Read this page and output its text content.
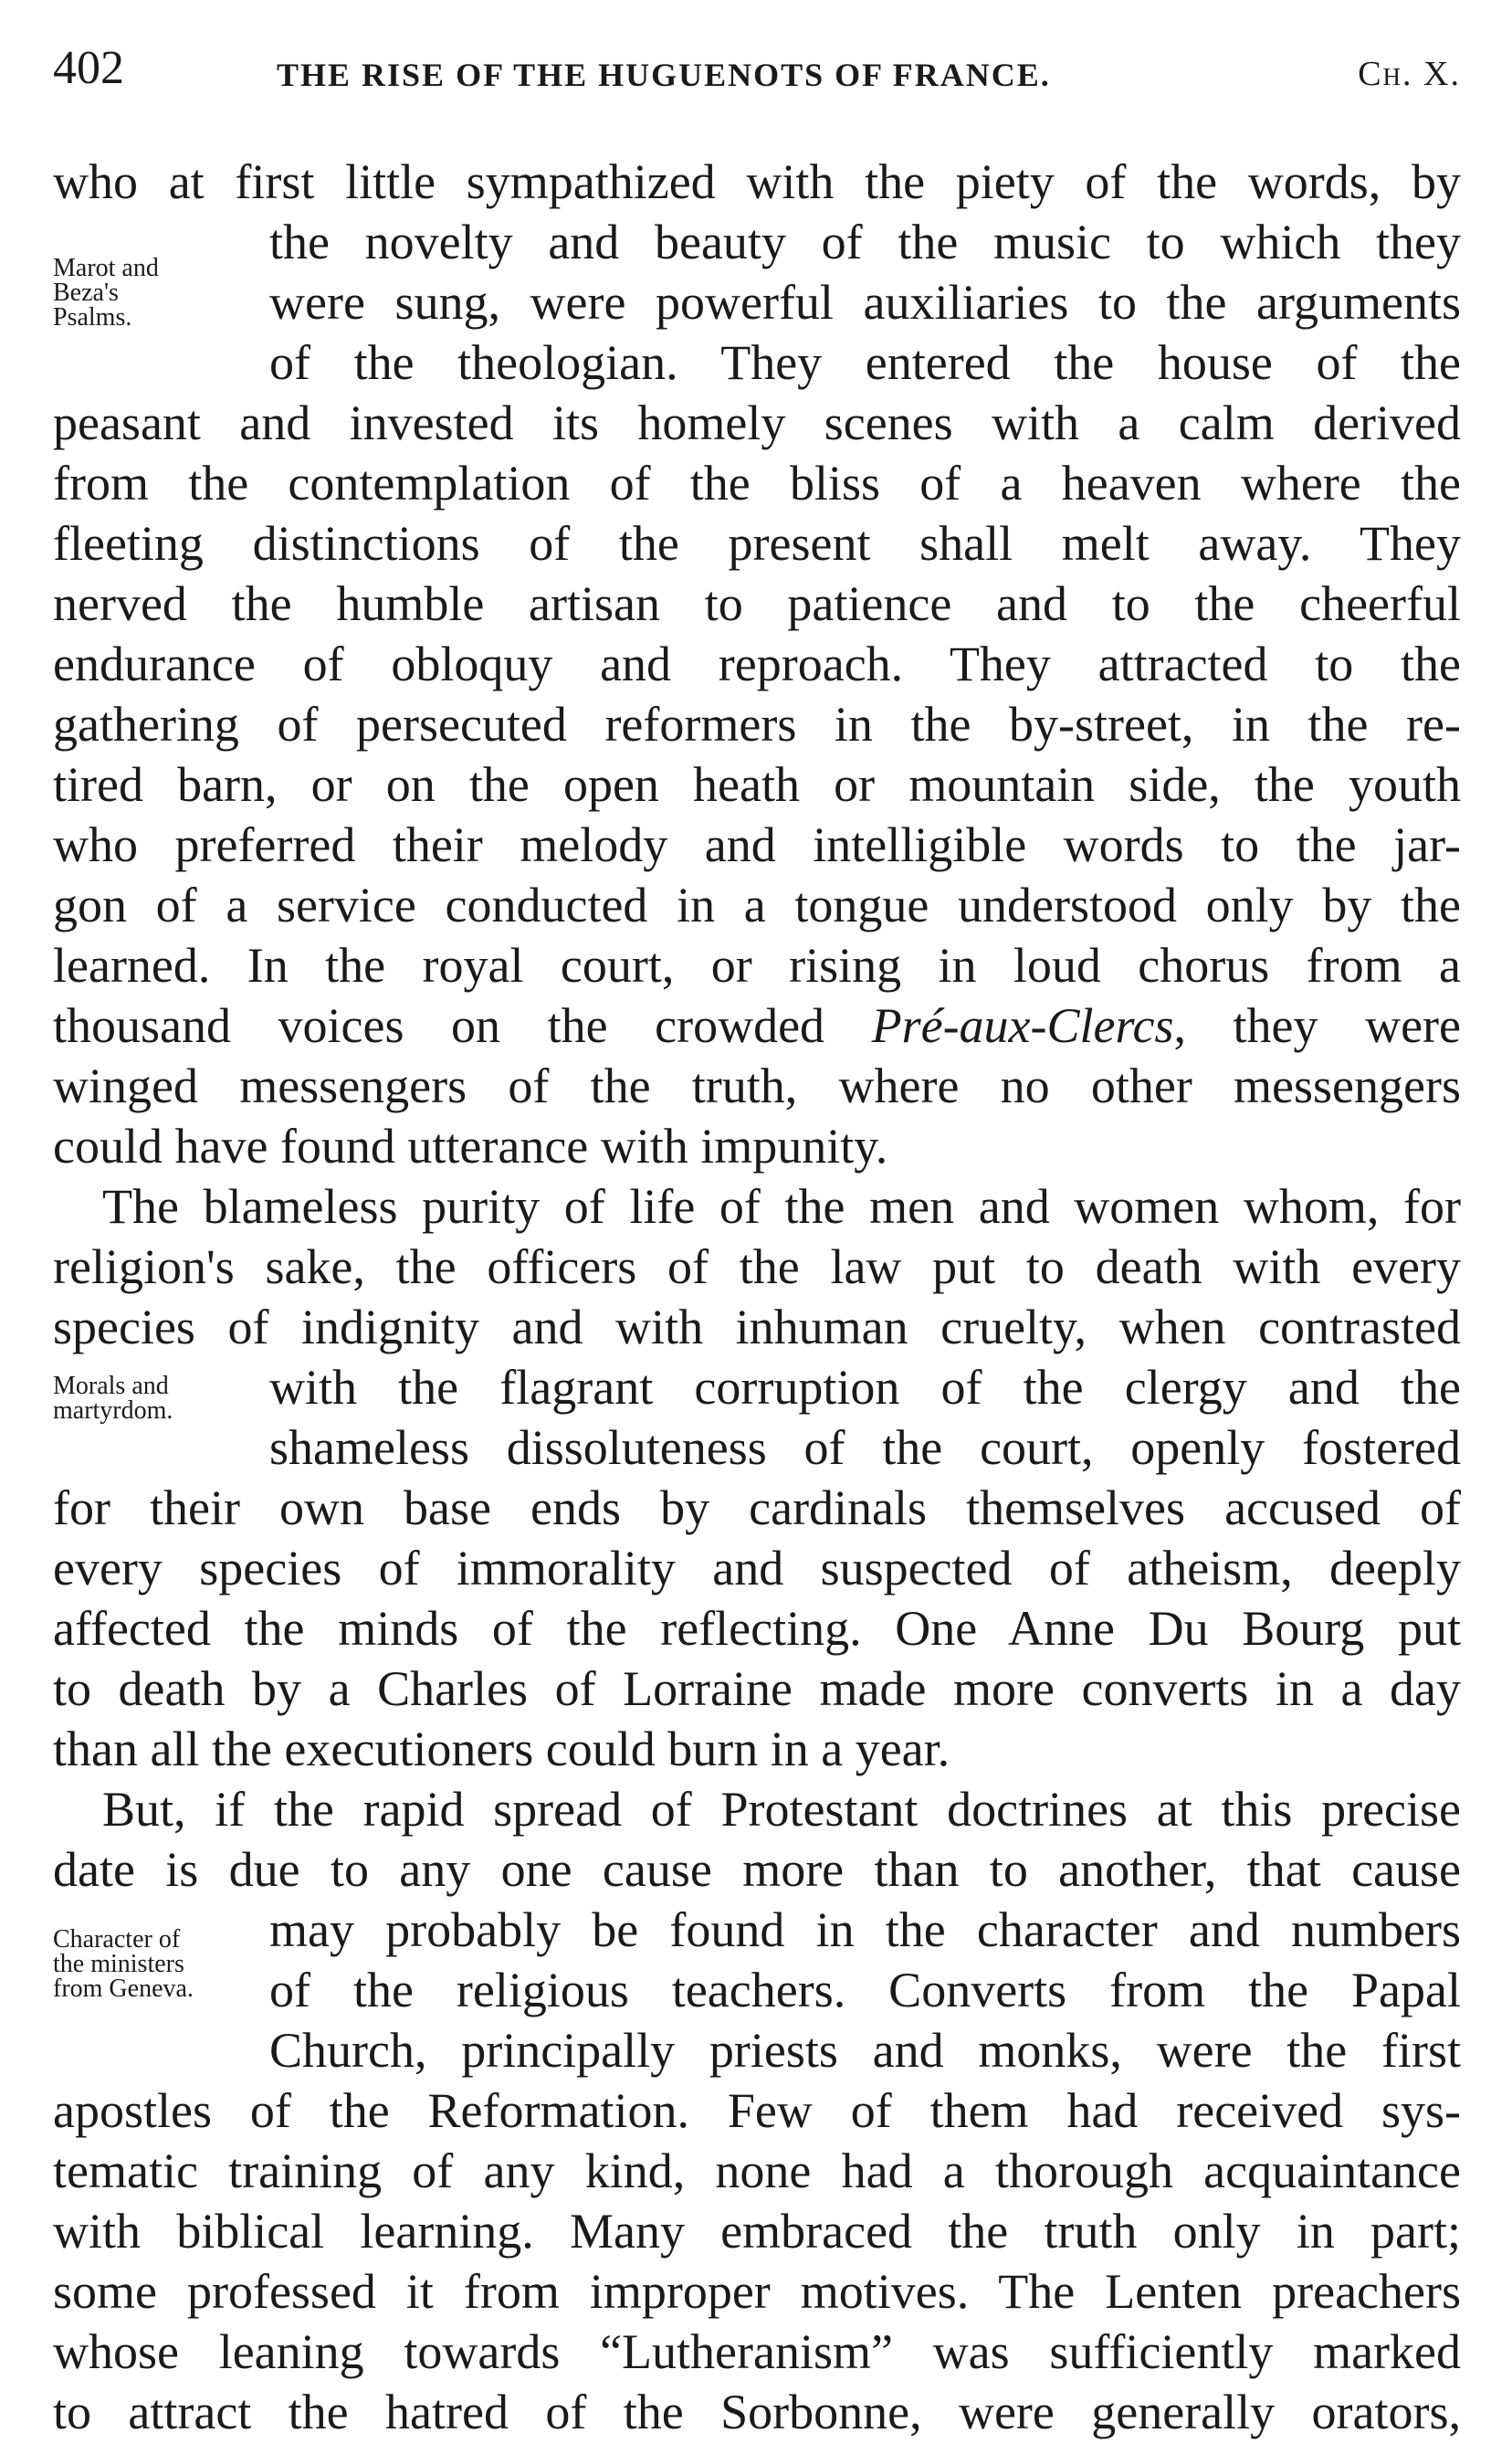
402	THE RISE OF THE HUGUENOTS OF FRANCE.	Ch. X.
Marot and
Beza's
Psalms.
Morals and
martyrdom.
Character of
the ministers
from Geneva.
who at first little sympathized with the piety of the words, by
the novelty and beauty of the music to which they
were sung, were powerful auxiliaries to the arguments
of the theologian. They entered the house of the
peasant and invested its homely scenes with a calm derived
from the contemplation of the bliss of a heaven where the
fleeting distinctions of the present shall melt away. They
nerved the humble artisan to patience and to the cheerful
endurance of obloquy and reproach. They attracted to the
gathering of persecuted reformers in the by-street, in the re-
tired barn, or on the open heath or mountain side, the youth
who preferred their melody and intelligible words to the jar-
gon of a service conducted in a tongue understood only by the
learned. In the royal court, or rising in loud chorus from a
thousand voices on the crowded Pré-aux-Clercs, they were
winged messengers of the truth, where no other messengers
could have found utterance with impunity.
The blameless purity of life of the men and women whom, for
religion's sake, the officers of the law put to death with every
species of indignity and with inhuman cruelty, when contrasted
with the flagrant corruption of the clergy and the
shameless dissoluteness of the court, openly fostered
for their own base ends by cardinals themselves accused of
every species of immorality and suspected of atheism, deeply
affected the minds of the reflecting. One Anne Du Bourg put
to death by a Charles of Lorraine made more converts in a day
than all the executioners could burn in a year.
But, if the rapid spread of Protestant doctrines at this precise
date is due to any one cause more than to another, that cause
may probably be found in the character and numbers
of the religious teachers. Converts from the Papal
Church, principally priests and monks, were the first
apostles of the Reformation. Few of them had received sys-
tematic training of any kind, none had a thorough acquaintance
with biblical learning. Many embraced the truth only in part;
some professed it from improper motives. The Lenten preachers
whose leaning towards “Lutheranism” was sufficiently marked
to attract the hatred of the Sorbonne, were generally orators,
